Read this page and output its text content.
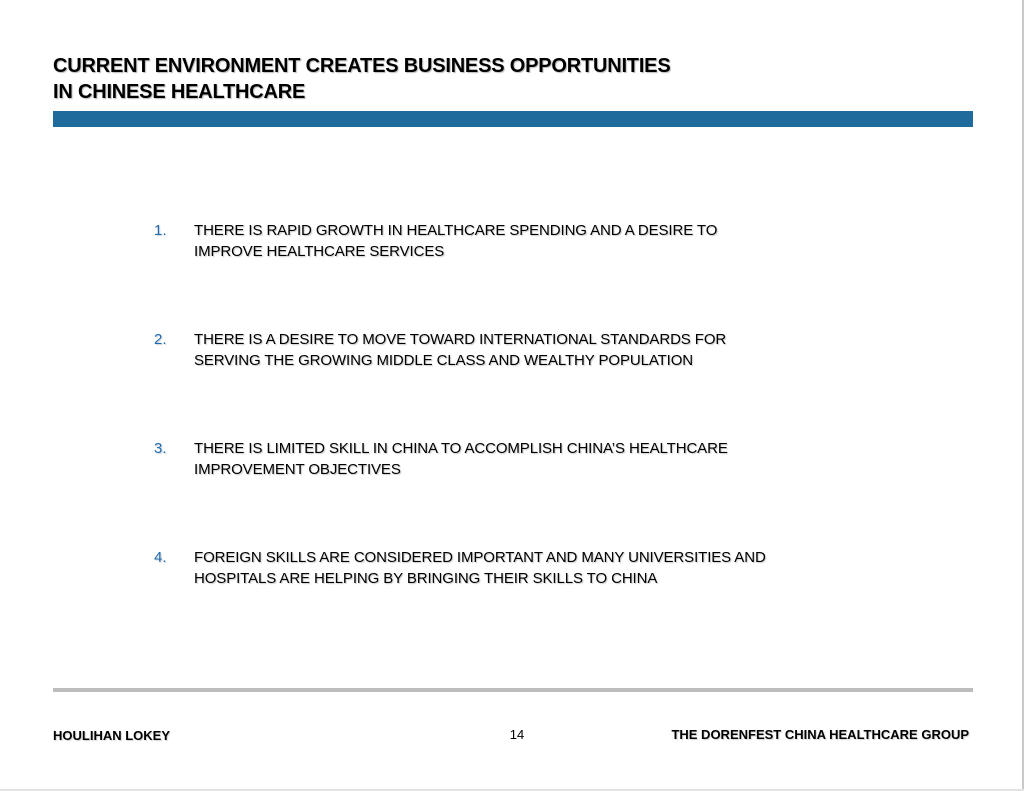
CURRENT ENVIRONMENT CREATES BUSINESS OPPORTUNITIES
IN CHINESE HEALTHCARE
1.	THERE IS RAPID GROWTH IN HEALTHCARE SPENDING AND A DESIRE TO
IMPROVE HEALTHCARE SERVICES
2.	THERE IS A DESIRE TO MOVE TOWARD INTERNATIONAL STANDARDS FOR
SERVING THE GROWING MIDDLE CLASS AND WEALTHY POPULATION
3.	THERE IS LIMITED SKILL IN CHINA TO ACCOMPLISH CHINA’S HEALTHCARE
IMPROVEMENT OBJECTIVES
4.	FOREIGN SKILLS ARE CONSIDERED IMPORTANT AND MANY UNIVERSITIES AND
HOSPITALS ARE HELPING BY BRINGING THEIR SKILLS TO CHINA
HOULIHAN LOKEY	14	THE DORENFEST CHINA HEALTHCARE GROUP
